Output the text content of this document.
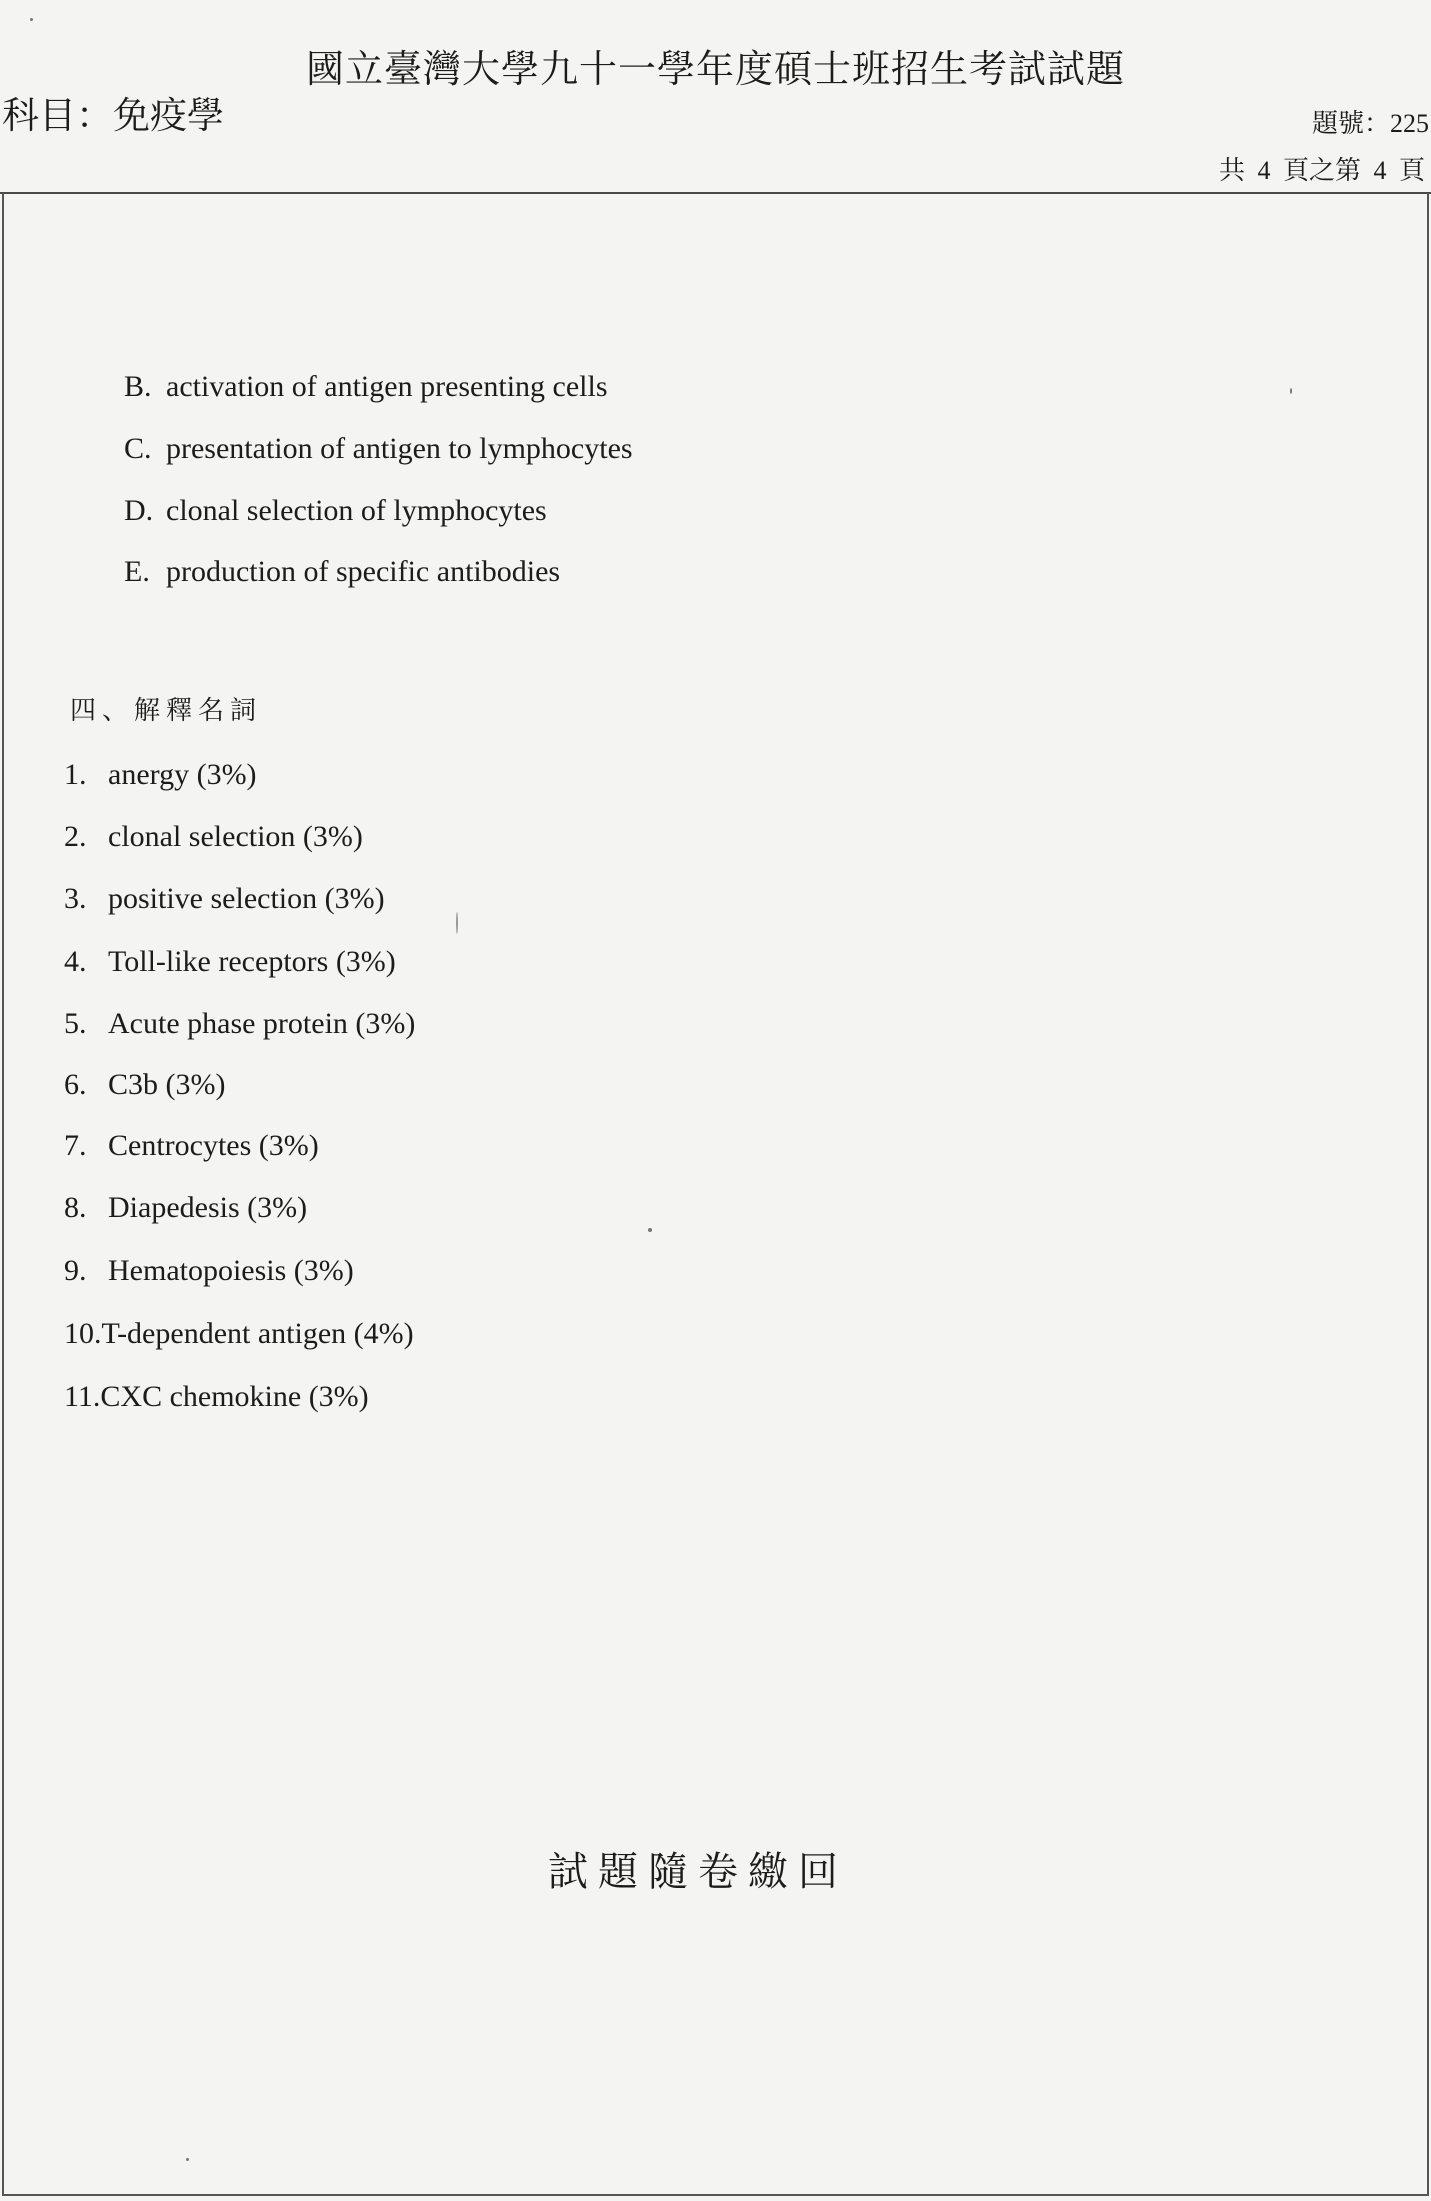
國立臺灣大學九十一學年度碩士班招生考試試題
科目：免疫學	題號：225
共 4 頁之第 4 頁
B. activation of antigen presenting cells
C. presentation of antigen to lymphocytes
D. clonal selection of lymphocytes
E. production of specific antibodies
四、解釋名詞
1. anergy (3%)
2. clonal selection (3%)
3. positive selection (3%)
4. Toll-like receptors (3%)
5. Acute phase protein (3%)
6. C3b (3%)
7. Centrocytes (3%)
8. Diapedesis (3%)
9. Hematopoiesis (3%)
10.T-dependent antigen (4%)
11.CXC chemokine (3%)
試題隨卷繳回
